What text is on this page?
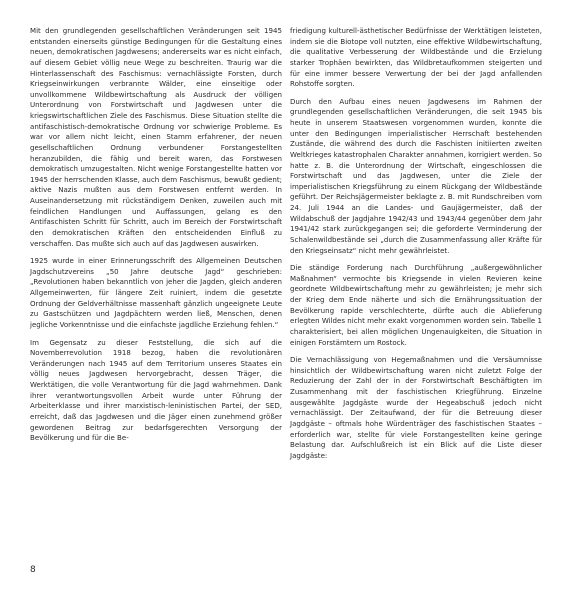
Mit den grundlegenden gesellschaftlichen Veränderungen seit 1945 entstanden einerseits günstige Bedingungen für die Gestaltung eines neuen, demokratischen Jagdwesens; andererseits war es nicht einfach, auf diesem Gebiet völlig neue Wege zu beschreiten. Traurig war die Hinterlassenschaft des Faschismus: vernachlässigte Forsten, durch Kriegseinwirkungen verbrannte Wälder, eine einseitige oder unvollkommene Wildbewirtschaftung als Ausdruck der völligen Unterordnung von Forstwirtschaft und Jagdwesen unter die kriegswirtschaftlichen Ziele des Faschismus. Diese Situation stellte die antifaschistisch-demokratische Ordnung vor schwierige Probleme. Es war vor allem nicht leicht, einen Stamm erfahrener, der neuen gesellschaftlichen Ordnung verbundener Forstangestellten heranzubilden, die fähig und bereit waren, das Forstwesen demokratisch umzugestalten. Nicht wenige Forstangestellte hatten vor 1945 der herrschenden Klasse, auch dem Faschismus, bewußt gedient; aktive Nazis mußten aus dem Forstwesen entfernt werden. In Auseinandersetzung mit rückständigem Denken, zuweilen auch mit feindlichen Handlungen und Auffassungen, gelang es den Antifaschisten Schritt für Schritt, auch im Bereich der Forstwirtschaft den demokratischen Kräften den entscheidenden Einfluß zu verschaffen. Das mußte sich auch auf das Jagdwesen auswirken.

1925 wurde in einer Erinnerungsschrift des Allgemeinen Deutschen Jagdschutzvereins „50 Jahre deutsche Jagd“ geschrieben: „Revolutionen haben bekanntlich von jeher die Jagden, gleich anderen Allgemeinwerten, für längere Zeit ruiniert, indem die gesetzte Ordnung der Geldverhältnisse massenhaft gänzlich ungeeignete Leute zu Gastschützen und Jagdpächtern werden ließ, Menschen, denen jegliche Vorkenntnisse und die einfachste jagdliche Erziehung fehlen.“

Im Gegensatz zu dieser Feststellung, die sich auf die Novemberrevolution 1918 bezog, haben die revolutionären Veränderungen nach 1945 auf dem Territorium unseres Staates ein völlig neues Jagdwesen hervorgebracht, dessen Träger, die Werktätigen, die volle Verantwortung für die Jagd wahrnehmen. Dank ihrer verantwortungsvollen Arbeit wurde unter Führung der Arbeiterklasse und ihrer marxistisch-leninistischen Partei, der SED, erreicht, daß das Jagdwesen und die Jäger einen zunehmend größer gewordenen Beitrag zur bedarfsgerechten Versorgung der Bevölkerung und für die Be-

friedigung kulturell-ästhetischer Bedürfnisse der Werktätigen leisteten, indem sie die Biotope voll nutzten, eine effektive Wildbewirtschaftung, die qualitative Verbesserung der Wildbestände und die Erzielung starker Trophäen bewirkten, das Wildbretaufkommen steigerten und für eine immer bessere Verwertung der bei der Jagd anfallenden Rohstoffe sorgten.

Durch den Aufbau eines neuen Jagdwesens im Rahmen der grundlegenden gesellschaftlichen Veränderungen, die seit 1945 bis heute in unserem Staatswesen vorgenommen wurden, konnte die unter den Bedingungen imperialistischer Herrschaft bestehenden Zustände, die während des durch die Faschisten initiierten zweiten Weltkrieges katastrophalen Charakter annahmen, korrigiert werden. So hatte z. B. die Unterordnung der Wirtschaft, eingeschlossen die Forstwirtschaft und das Jagdwesen, unter die Ziele der imperialistischen Kriegsführung zu einem Rückgang der Wildbestände geführt. Der Reichsjägermeister beklagte z. B. mit Rundschreiben vom 24. Juli 1944 an die Landes- und Gaujägermeister, daß der Wildabschuß der Jagdjahre 1942/43 und 1943/44 gegenüber dem Jahr 1941/42 stark zurückgegangen sei; die geforderte Verminderung der Schalenwildbestände sei „durch die Zusammenfassung aller Kräfte für den Kriegseinsatz“ nicht mehr gewährleistet.

Die ständige Forderung nach Durchführung „außergewöhnlicher Maßnahmen“ vermochte bis Kriegsende in vielen Revieren keine geordnete Wildbewirtschaftung mehr zu gewährleisten; je mehr sich der Krieg dem Ende näherte und sich die Ernährungssituation der Bevölkerung rapide verschlechterte, dürfte auch die Ablieferung erlegten Wildes nicht mehr exakt vorgenommen worden sein. Tabelle 1 charakterisiert, bei allen möglichen Ungenauigkeiten, die Situation in einigen Forstämtern um Rostock.

Die Vernachlässigung von Hegemaßnahmen und die Versäumnisse hinsichtlich der Wildbewirtschaftung waren nicht zuletzt Folge der Reduzierung der Zahl der in der Forstwirtschaft Beschäftigten im Zusammenhang mit der faschistischen Kriegführung. Einzelne ausgewählte Jagdgäste wurde der Hegeabschuß jedoch nicht vernachlässigt. Der Zeitaufwand, der für die Betreuung dieser Jagdgäste – oftmals hohe Würdenträger des faschistischen Staates – erforderlich war, stellte für viele Forstangestellten keine geringe Belastung dar. Aufschlußreich ist ein Blick auf die Liste dieser Jagdgäste:

8
